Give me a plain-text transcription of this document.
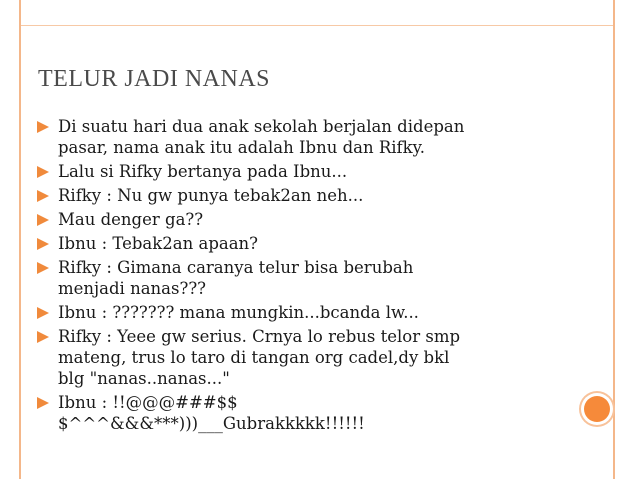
TELUR JADI NANAS
Di suatu hari dua anak sekolah berjalan didepan
pasar, nama anak itu adalah Ibnu dan Rifky.
Lalu si Rifky bertanya pada Ibnu...
Rifky : Nu gw punya tebak2an neh...
Mau denger ga??
Ibnu : Tebak2an apaan?
Rifky : Gimana caranya telur bisa berubah
menjadi nanas???
Ibnu : ??????? mana mungkin...bcanda lw...
Rifky : Yeee gw serius. Crnya lo rebus telor smp
mateng, trus lo taro di tangan org cadel,dy bkl
blg "nanas..nanas..."
Ibnu : !!@@@###$$
$^^^&&&***)))___Gubrakkkkk!!!!!!
